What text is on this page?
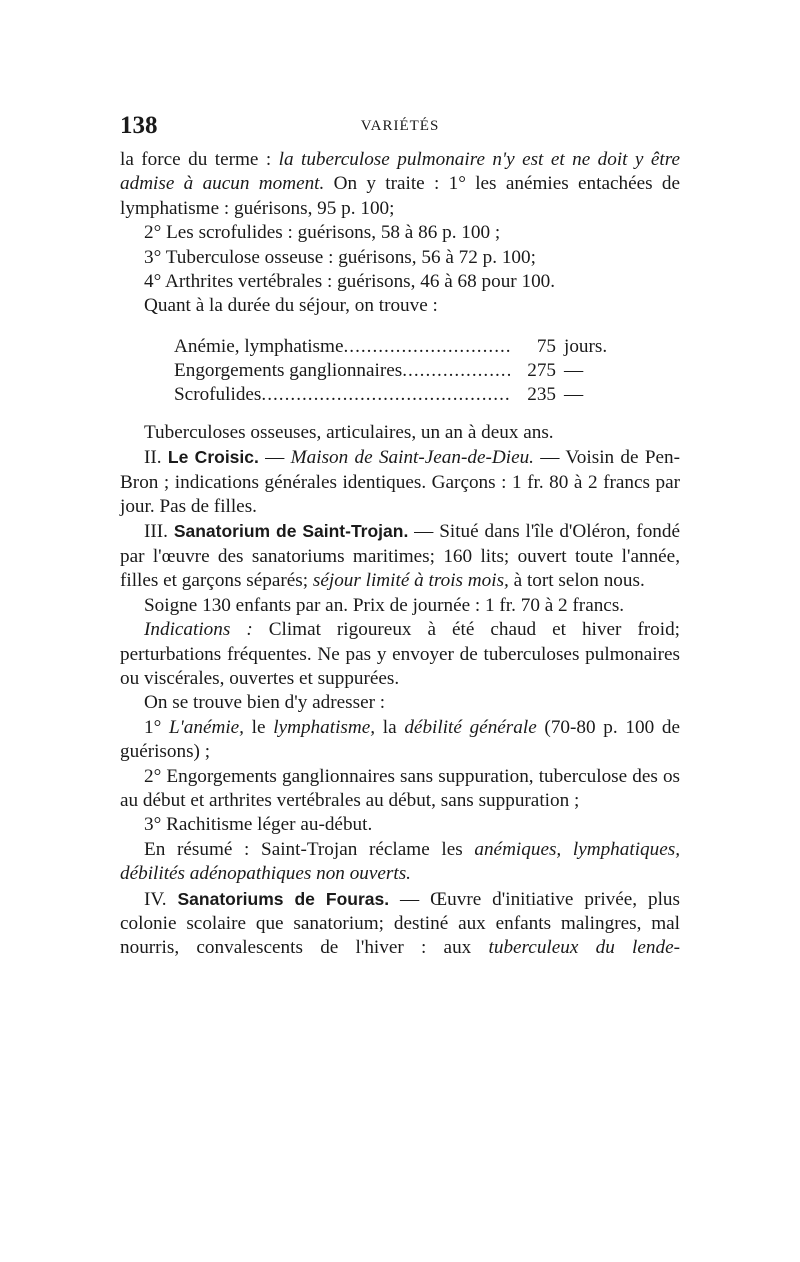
138	VARIÉTÉS

la force du terme : la tuberculose pulmonaire n'y est et ne doit y être admise à aucun moment. On y traite : 1° les anémies entachées de lymphatisme : guérisons, 95 p. 100;

2° Les scrofulides : guérisons, 58 à 86 p. 100 ;

3° Tuberculose osseuse : guérisons, 56 à 72 p. 100;

4° Arthrites vertébrales : guérisons, 46 à 68 pour 100.

Quant à la durée du séjour, on trouve :

Anémie, lymphatisme .....	75 jours.
Engorgements ganglionnaires .....	275 —
Scrofulides .....	235 —

Tuberculoses osseuses, articulaires, un an à deux ans.

II. Le Croisic. — Maison de Saint-Jean-de-Dieu. — Voisin de Pen-Bron ; indications générales identiques. Garçons : 1 fr. 80 à 2 francs par jour. Pas de filles.

III. Sanatorium de Saint-Trojan. — Situé dans l'île d'Oléron, fondé par l'œuvre des sanatoriums maritimes; 160 lits; ouvert toute l'année, filles et garçons séparés; séjour limité à trois mois, à tort selon nous.

Soigne 130 enfants par an. Prix de journée : 1 fr. 70 à 2 francs.

Indications : Climat rigoureux à été chaud et hiver froid; perturbations fréquentes. Ne pas y envoyer de tuberculoses pulmonaires ou viscérales, ouvertes et suppurées.

On se trouve bien d'y adresser :

1° L'anémie, le lymphatisme, la débilité générale (70-80 p. 100 de guérisons) ;

2° Engorgements ganglionnaires sans suppuration, tuberculose des os au début et arthrites vertébrales au début, sans suppuration ;

3° Rachitisme léger au-début.

En résumé : Saint-Trojan réclame les anémiques, lymphatiques, débilités adénopathiques non ouverts.

IV. Sanatoriums de Fouras. — Œuvre d'initiative privée, plus colonie scolaire que sanatorium; destiné aux enfants malingres, mal nourris, convalescents de l'hiver : aux tuberculeux du lende-
